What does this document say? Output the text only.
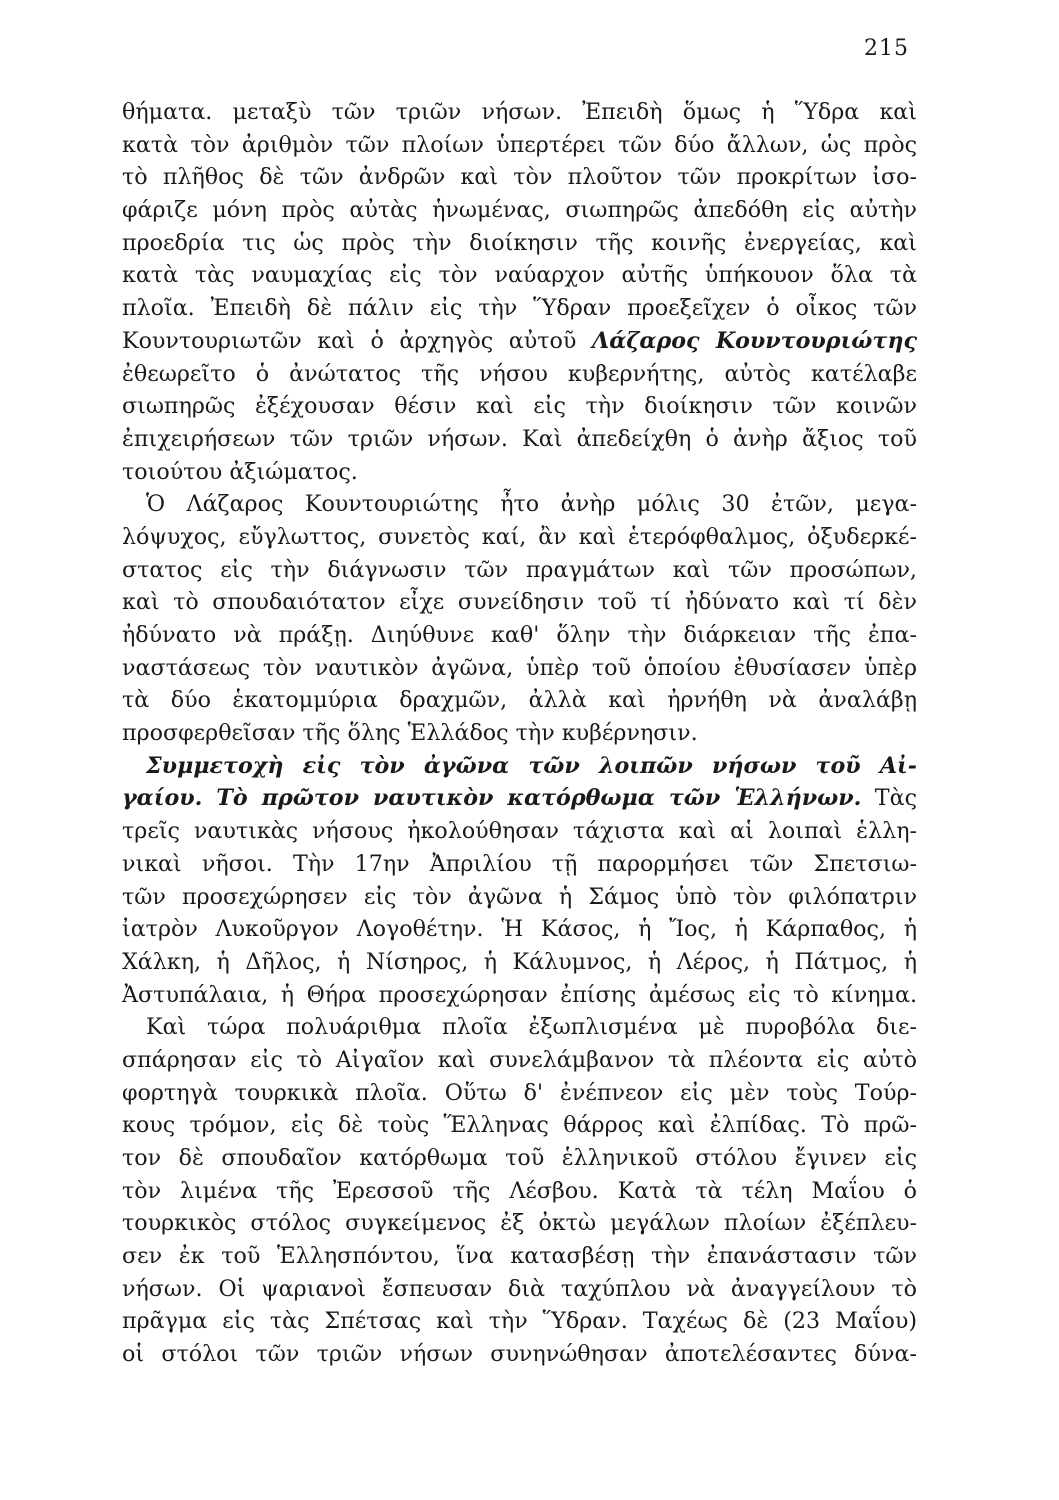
215
θήματα. μεταξὺ τῶν τριῶν νήσων. Ἐπειδὴ ὅμως ἡ Ὕδρα καὶ
κατὰ τὸν ἀριθμὸν τῶν πλοίων ὑπερτέρει τῶν δύο ἄλλων, ὡς πρὸς
τὸ πλῆθος δὲ τῶν ἀνδρῶν καὶ τὸν πλοῦτον τῶν προκρίτων ἰσο-
φάριζε μόνη πρὸς αὐτὰς ἡνωμένας, σιωπηρῶς ἀπεδόθη εἰς αὐτὴν
προεδρία τις ὡς πρὸς τὴν διοίκησιν τῆς κοινῆς ἐνεργείας, καὶ
κατὰ τὰς ναυμαχίας εἰς τὸν ναύαρχον αὐτῆς ὑπήκουον ὅλα τὰ
πλοῖα. Ἐπειδὴ δὲ πάλιν εἰς τὴν Ὕδραν προεξεῖχεν ὁ οἶκος τῶν
Κουντουριωτῶν καὶ ὁ ἀρχηγὸς αὐτοῦ Λάζαρος Κουντουριώτης
ἐθεωρεῖτο ὁ ἀνώτατος τῆς νήσου κυβερνήτης, αὐτὸς κατέλαβε
σιωπηρῶς ἐξέχουσαν θέσιν καὶ εἰς τὴν διοίκησιν τῶν κοινῶν
ἐπιχειρήσεων τῶν τριῶν νήσων. Καὶ ἀπεδείχθη ὁ ἀνὴρ ἄξιος τοῦ
τοιούτου ἀξιώματος.
Ὁ Λάζαρος Κουντουριώτης ἦτο ἀνὴρ μόλις 30 ἐτῶν, μεγα-
λόψυχος, εὔγλωττος, συνετὸς καί, ἂν καὶ ἑτερόφθαλμος, ὀξυδερκέ-
στατος εἰς τὴν διάγνωσιν τῶν πραγμάτων καὶ τῶν προσώπων,
καὶ τὸ σπουδαιότατον εἶχε συνείδησιν τοῦ τί ἠδύνατο καὶ τί δὲν
ἠδύνατο νὰ πράξῃ. Διηύθυνε καθ' ὅλην τὴν διάρκειαν τῆς ἐπα-
ναστάσεως τὸν ναυτικὸν ἀγῶνα, ὑπὲρ τοῦ ὁποίου ἐθυσίασεν ὑπὲρ
τὰ δύο ἑκατομμύρια δραχμῶν, ἀλλὰ καὶ ἠρνήθη νὰ ἀναλάβῃ
προσφερθεῖσαν τῆς ὅλης Ἑλλάδος τὴν κυβέρνησιν.
Συμμετοχὴ εἰς τὸν ἀγῶνα τῶν λοιπῶν νήσων τοῦ Αἰ-
γαίου. Τὸ πρῶτον ναυτικὸν κατόρθωμα τῶν Ἑλλήνων. Τὰς
τρεῖς ναυτικὰς νήσους ἠκολούθησαν τάχιστα καὶ αἱ λοιπαὶ ἑλλη-
νικαὶ νῆσοι. Τὴν 17ην Ἀπριλίου τῇ παρορμήσει τῶν Σπετσιω-
τῶν προσεχώρησεν εἰς τὸν ἀγῶνα ἡ Σάμος ὑπὸ τὸν φιλόπατριν
ἰατρὸν Λυκοῦργον Λογοθέτην. Ἡ Κάσος, ἡ Ἴος, ἡ Κάρπαθος, ἡ
Χάλκη, ἡ Δῆλος, ἡ Νίσηρος, ἡ Κάλυμνος, ἡ Λέρος, ἡ Πάτμος, ἡ
Ἀστυπάλαια, ἡ Θήρα προσεχώρησαν ἐπίσης ἀμέσως εἰς τὸ κίνημα.
Καὶ τώρα πολυάριθμα πλοῖα ἐξωπλισμένα μὲ πυροβόλα διε-
σπάρησαν εἰς τὸ Αἰγαῖον καὶ συνελάμβανον τὰ πλέοντα εἰς αὐτὸ
φορτηγὰ τουρκικὰ πλοῖα. Οὕτω δ' ἐνέπνεον εἰς μὲν τοὺς Τούρ-
κους τρόμον, εἰς δὲ τοὺς Ἕλληνας θάρρος καὶ ἐλπίδας. Τὸ πρῶ-
τον δὲ σπουδαῖον κατόρθωμα τοῦ ἑλληνικοῦ στόλου ἔγινεν εἰς
τὸν λιμένα τῆς Ἐρεσσοῦ τῆς Λέσβου. Κατὰ τὰ τέλη Μαΐου ὁ
τουρκικὸς στόλος συγκείμενος ἐξ ὀκτὼ μεγάλων πλοίων ἐξέπλευ-
σεν ἐκ τοῦ Ἑλλησπόντου, ἵνα κατασβέσῃ τὴν ἐπανάστασιν τῶν
νήσων. Οἱ ψαριανοὶ ἔσπευσαν διὰ ταχύπλου νὰ ἀναγγείλουν τὸ
πρᾶγμα εἰς τὰς Σπέτσας καὶ τὴν Ὕδραν. Ταχέως δὲ (23 Μαΐου)
οἱ στόλοι τῶν τριῶν νήσων συνηνώθησαν ἀποτελέσαντες δύνα-
